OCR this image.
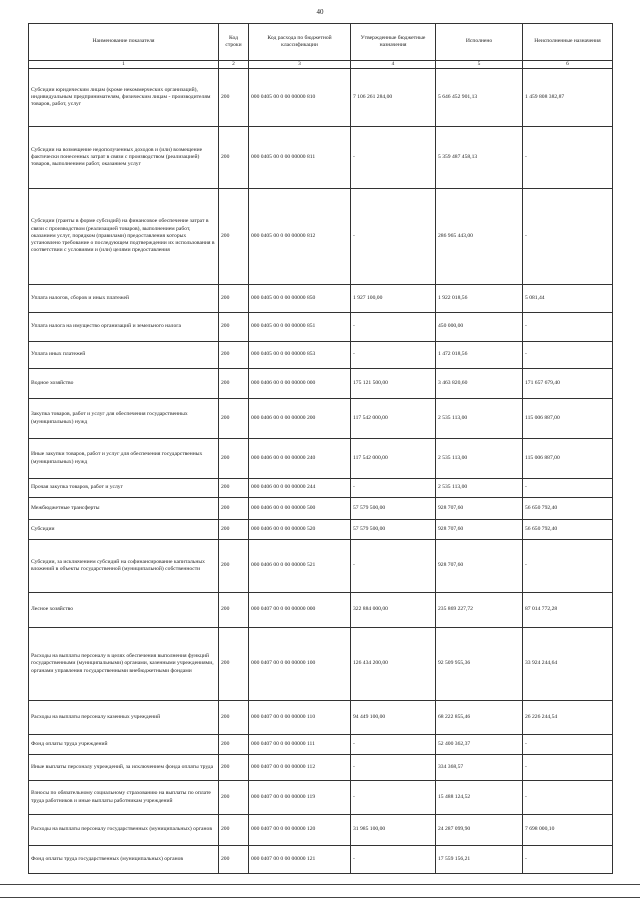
40
Наименование показателя	Код строки	Код расхода по бюджетной классификации	Утвержденные бюджетные назначения	Исполнено	Неисполненные назначения
1	2	3	4	5	6
Субсидии юридическим лицам (кроме некоммерческих организаций), индивидуальным предпринимателям, физическим лицам - производителям товаров, работ, услуг	200	000 0405 00 0 00 00000 810	7 106 261 284,00	5 646 452 901,13	1 459 808 382,87
Субсидии на возмещение недополученных доходов и (или) возмещение фактически понесенных затрат в связи с производством (реализацией) товаров, выполнением работ, оказанием услуг	200	000 0405 00 0 00 00000 811	-	5 359 487 458,13	-
Субсидии (гранты в форме субсидий) на финансовое обеспечение затрат в связи с производством (реализацией товаров), выполнением работ, оказанием услуг, порядком (правилами) предоставления которых установлено требование о последующем подтверждении их использования в соответствии с условиями и (или) целями предоставления	200	000 0405 00 0 00 00000 812	-	286 965 443,00	-
Уплата налогов, сборов и иных платежей	200	000 0405 00 0 00 00000 850	1 927 100,00	1 922 018,56	5 081,44
Уплата налога на имущество организаций и земельного налога	200	000 0405 00 0 00 00000 851	-	450 000,00	-
Уплата иных платежей	200	000 0405 00 0 00 00000 853	-	1 472 018,56	-
Водное хозяйство	200	000 0406 00 0 00 00000 000	175 121 500,00	3 463 820,60	171 657 679,40
Закупка товаров, работ и услуг для обеспечения государственных (муниципальных) нужд	200	000 0406 00 0 00 00000 200	117 542 000,00	2 535 113,00	115 006 887,00
Иные закупки товаров, работ и услуг для обеспечения государственных (муниципальных) нужд	200	000 0406 00 0 00 00000 240	117 542 000,00	2 535 113,00	115 006 887,00
Прочая закупка товаров, работ и услуг	200	000 0406 00 0 00 00000 244	-	2 535 113,00	-
Межбюджетные трансферты	200	000 0406 00 0 00 00000 500	57 579 500,00	928 707,60	56 650 792,40
Субсидии	200	000 0406 00 0 00 00000 520	57 579 500,00	928 707,60	56 650 792,40
Субсидии, за исключением субсидий на софинансирование капитальных вложений в объекты государственной (муниципальной) собственности	200	000 0406 00 0 00 00000 521	-	928 707,60	-
Лесное хозяйство	200	000 0407 00 0 00 00000 000	322 884 000,00	235 869 227,72	87 014 772,28
Расходы на выплаты персоналу в целях обеспечения выполнения функций государственными (муниципальными) органами, казенными учреждениями, органами управления государственными внебюджетными фондами	200	000 0407 00 0 00 00000 100	126 434 200,00	92 509 955,36	33 924 244,64
Расходы на выплаты персоналу казенных учреждений	200	000 0407 00 0 00 00000 110	94 449 100,00	68 222 855,46	26 226 244,54
Фонд оплаты труда учреждений	200	000 0407 00 0 00 00000 111	-	52 400 362,37	-
Иные выплаты персоналу учреждений, за исключением фонда оплаты труда	200	000 0407 00 0 00 00000 112	-	334 368,57	-
Взносы по обязательному социальному страхованию на выплаты по оплате труда работников и иные выплаты работникам учреждений	200	000 0407 00 0 00 00000 119	-	15 488 124,52	-
Расходы на выплаты персоналу государственных (муниципальных) органов	200	000 0407 00 0 00 00000 120	31 985 100,00	24 287 099,90	7 698 000,10
Фонд оплаты труда государственных (муниципальных) органов	200	000 0407 00 0 00 00000 121	-	17 559 156,21	-
